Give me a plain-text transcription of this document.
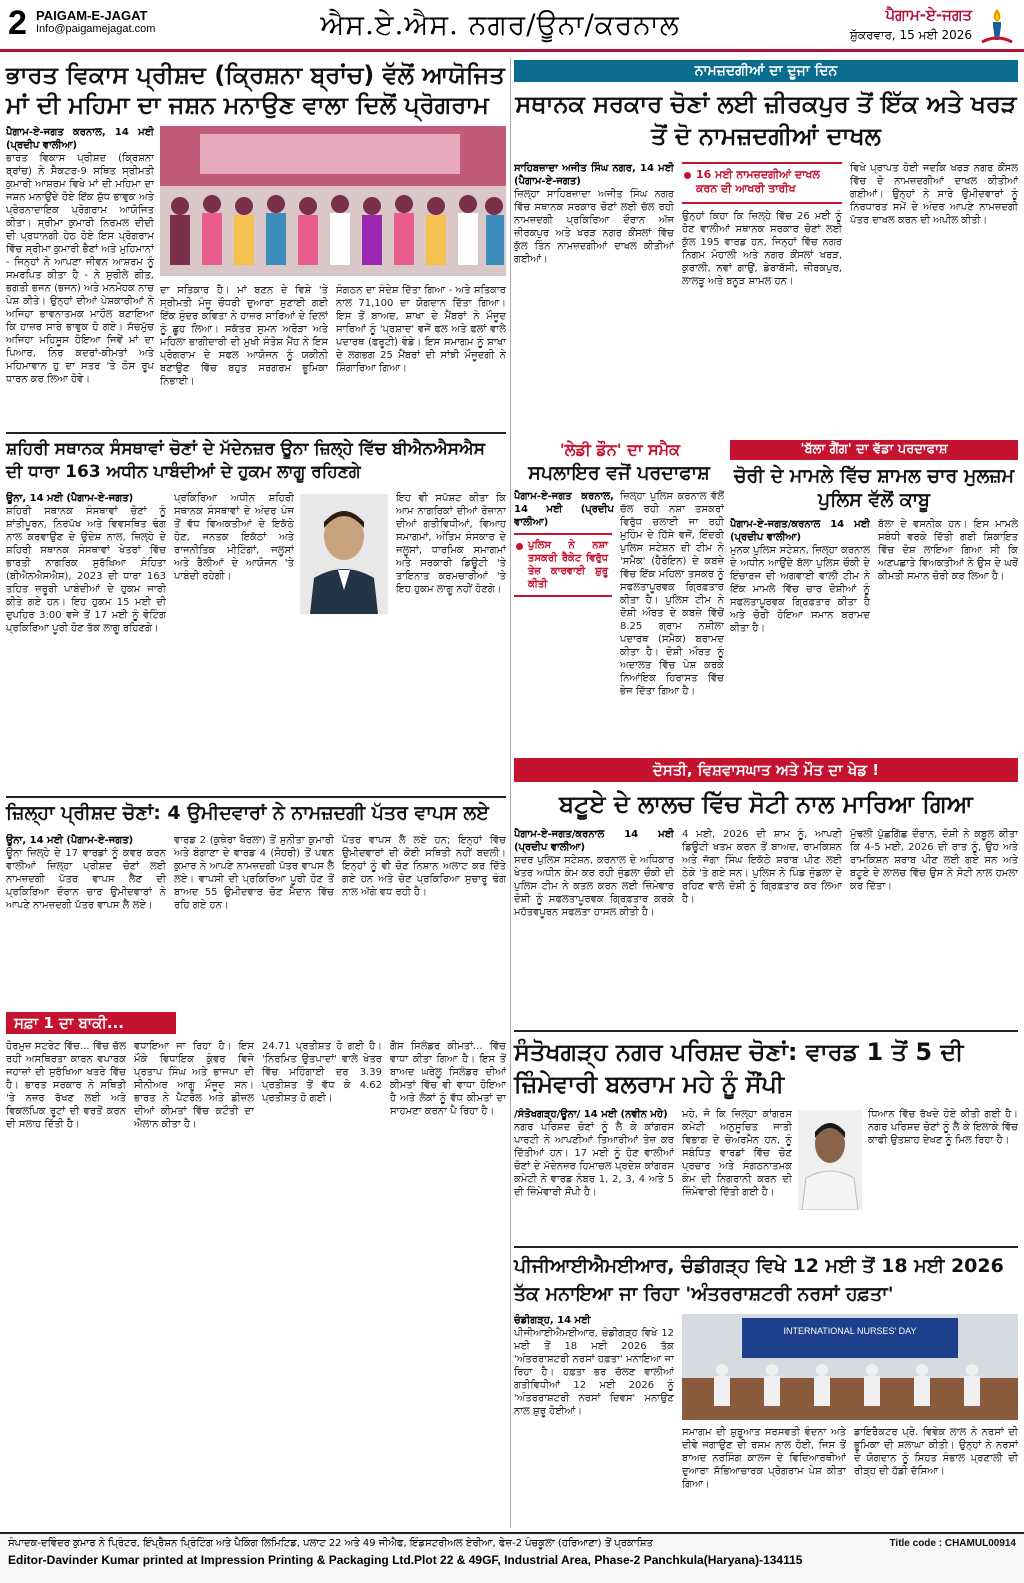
2 PAIGAM-E-JAGAT
Info@paigamejagat.com	ਐਸ.ਏ.ਐਸ. ਨਗਰ/ਊਨਾ/ਕਰਨਾਲ	ਪੈਗਾਮ-ਏ-ਜਗਤ
ਸ਼ੁੱਕਰਵਾਰ, 15 ਮਈ 2026
ਭਾਰਤ ਵਿਕਾਸ ਪ੍ਰੀਸ਼ਦ (ਕ੍ਰਿਸ਼ਨਾ ਬ੍ਰਾਂਚ) ਵੱਲੋਂ ਆਯੋਜਿਤ ਮਾਂ ਦੀ ਮਹਿਮਾ ਦਾ ਜਸ਼ਨ ਮਨਾਉਣ ਵਾਲਾ ਦਿਲੋਂ ਪ੍ਰੋਗਰਾਮ
ਪੈਗਾਮ-ਏ-ਜਗਤ ਕਰਨਾਲ, 14 ਮਈ (ਪ੍ਰਦੀਪ ਵਾਲੀਆ)
ਭਾਰਤ ਵਿਕਾਸ ਪ੍ਰੀਸ਼ਦ (ਕ੍ਰਿਸ਼ਨਾ ਬ੍ਰਾਂਚ) ਨੇ ਸੈਕਟਰ-9 ਸਥਿਤ ਸ੍ਰੀਮਤੀ ਕੁਮਾਰੀ ਆਸ਼ਰਮ ਵਿਖੇ ਮਾਂ ਦੀ ਮਹਿਮਾ ਦਾ ਜਸ਼ਨ ਮਨਾਉਂਦੇ ਹੋਏ ਇੱਕ ਸ਼ੁੱਧ ਭਾਵੁਕ ਅਤੇ ਪ੍ਰੇਰਨਾਦਾਇਕ ਪ੍ਰੋਗਰਾਮ ਆਯੋਜਿਤ ਕੀਤਾ। ਸ੍ਰੀਮਾ ਕੁਮਾਰੀ ਨਿਰਮਲ ਦੀਦੀ ਦੀ ਪ੍ਰਧਾਨਗੀ ਹੇਠ ਹੋਏ ਇਸ ਪ੍ਰੋਗਰਾਮ ਵਿੱਚ ਸ੍ਰੀਮਾ ਕੁਮਾਰੀ ਭੈਣਾਂ ਅਤੇ ਮੁਹਿਮਾਨਾਂ - ਜਿਨ੍ਹਾਂ ਨੇ ਆਪਣਾ ਜੀਵਨ ਆਸ਼ਰਮ ਨੂੰ ਸਮਰਪਿਤ ਕੀਤਾ ਹੈ - ਨੇ ਸੁਰੀਲੇ ਗੀਤ, ਭਗਤੀ ਭਜਨ (ਭਜਨ) ਅਤੇ ਮਨਮੋਹਕ ਨਾਚ ਪੇਸ਼ ਕੀਤੇ। ਉਨ੍ਹਾਂ ਦੀਆਂ ਪੇਸ਼ਕਾਰੀਆਂ ਨੇ ਅਜਿਹਾ ਭਾਵਨਾਤਮਕ ਮਾਹੌਲ ਬਣਾਇਆ ਕਿ ਹਾਜ਼ਰ ਸਾਰੇ ਭਾਵੁਕ ਹੋ ਗਏ। ਸੱਚਮੁੱਚ ਅਜਿਹਾ ਮਹਿਸੂਸ ਹੋਇਆ ਜਿਵੇਂ ਮਾਂ ਦਾ ਪਿਆਰ, ਨਿਰ ਕਦਰਾਂ-ਕੀਮਤਾਂ ਅਤੇ ਮਹਿਮਾਵਾਨ ਹੁ ਦਾ ਸਤਰ 'ਤੇ ਠੋਸ ਰੂਪ ਧਾਰਨ ਕਰ ਲਿਆ ਹੋਵੇ।
ਦਾ ਸਤਿਕਾਰ ਹੈ। ਮਾਂ ਬਣਨ ਦੇ ਵਿਸ਼ੇ 'ਤੇ ਸ੍ਰੀਮਤੀ ਮੰਜੂ ਚੌਧਰੀ ਦੁਆਰਾ ਸੁਣਾਈ ਗਈ ਇੱਕ ਸੁੰਦਰ ਕਵਿਤਾ ਨੇ ਹਾਜ਼ਰ ਸਾਰਿਆਂ ਦੇ ਦਿਲਾਂ ਨੂੰ ਛੂਹ ਲਿਆ। ਸਕੱਤਰ ਸੁਮਨ ਅਰੋੜਾ ਅਤੇ ਮਹਿਲਾ ਭਾਗੀਦਾਰੀ ਦੀ ਮੁਖੀ ਸੰਤੋਸ਼ ਮੈਂਹ ਨੇ ਇਸ ਪ੍ਰੋਗਰਾਮ ਦੇ ਸਫਲ ਆਯੋਜਨ ਨੂੰ ਯਕੀਨੀ ਬਣਾਉਣ ਵਿੱਚ ਬਹੁਤ ਸਰਗਰਮ ਭੂਮਿਕਾ ਨਿਭਾਈ।
ਸੰਗਠਨ ਦਾ ਸੰਦੇਸ਼ ਦਿੱਤਾ ਗਿਆ - ਅਤੇ ਸਤਿਕਾਰ ਨਾਲ 71,100 ਦਾ ਯੋਗਦਾਨ ਦਿੱਤਾ ਗਿਆ। ਇਸ ਤੋਂ ਬਾਅਦ, ਸ਼ਾਖਾ ਦੇ ਮੈਂਬਰਾਂ ਨੇ ਮੌਜੂਦ ਸਾਰਿਆਂ ਨੂੰ 'ਪ੍ਰਸ਼ਾਦ' ਵਜੋਂ ਫਲ ਅਤੇ ਫਲਾਂ ਵਾਲੇ ਪਦਾਰਥ (ਫਰੂਟੀ) ਵੰਡੇ। ਇਸ ਸਮਾਗਮ ਨੂੰ ਸ਼ਾਖਾ ਦੇ ਲਗਭਗ 25 ਮੈਂਬਰਾਂ ਦੀ ਸਾਂਝੀ ਮੌਜੂਦਗੀ ਨੇ ਸ਼ਿੰਗਾਰਿਆ ਗਿਆ।
ਨਾਮਜ਼ਦਗੀਆਂ ਦਾ ਦੂਜਾ ਦਿਨ
ਸਥਾਨਕ ਸਰਕਾਰ ਚੋਣਾਂ ਲਈ ਜ਼ੀਰਕਪੁਰ ਤੋਂ ਇੱਕ ਅਤੇ ਖਰੜ ਤੋਂ ਦੋ ਨਾਮਜ਼ਦਗੀਆਂ ਦਾਖਲ
ਸਾਹਿਬਜ਼ਾਦਾ ਅਜੀਤ ਸਿੰਘ ਨਗਰ, 14 ਮਈ (ਪੈਗਾਮ-ਏ-ਜਗਤ)
ਜ਼ਿਲ੍ਹਾ ਸਾਹਿਬਜ਼ਾਦਾ ਅਜੀਤ ਸਿੰਘ ਨਗਰ ਵਿੱਚ ਸਥਾਨਕ ਸਰਕਾਰ ਚੋਣਾਂ ਲਈ ਚੱਲ ਰਹੀ ਨਾਮਜ਼ਦਗੀ ਪ੍ਰਕਿਰਿਆ ਦੌਰਾਨ ਅੱਜ ਜ਼ੀਰਕਪੁਰ ਅਤੇ ਖਰੜ ਨਗਰ ਕੌਂਸਲਾਂ ਵਿੱਚ ਕੁੱਲ ਤਿੰਨ ਨਾਮਜ਼ਦਗੀਆਂ ਦਾਖਲ ਕੀਤੀਆਂ ਗਈਆਂ।
16 ਮਈ ਨਾਮਜ਼ਦਗੀਆਂ ਦਾਖਲ ਕਰਨ ਦੀ ਆਖਰੀ ਤਾਰੀਖ
ਉਨ੍ਹਾਂ ਕਿਹਾ ਕਿ ਜ਼ਿਲ੍ਹੇ ਵਿੱਚ 26 ਮਈ ਨੂੰ ਹੋਣ ਵਾਲੀਆਂ ਸਥਾਨਕ ਸਰਕਾਰ ਚੋਣਾਂ ਲਈ ਕੁੱਲ 195 ਵਾਰਡ ਹਨ, ਜਿਨ੍ਹਾਂ ਵਿੱਚ ਨਗਰ ਨਿਗਮ ਮੋਹਾਲੀ ਅਤੇ ਨਗਰ ਕੌਂਸਲਾਂ ਖਰੜ, ਕੁਰਾਲੀ, ਨਵਾਂ ਗਾਉਂ, ਡੇਰਾਬੱਸੀ, ਜ਼ੀਰਕਪੁਰ, ਲਾਲੜੂ ਅਤੇ ਬਨੂੜ ਸ਼ਾਮਲ ਹਨ।
ਵਿਖੇ ਪ੍ਰਾਪਤ ਹੋਈ ਜਦਕਿ ਖਰੜ ਨਗਰ ਕੌਂਸਲ ਵਿੱਚ ਦੋ ਨਾਮਜ਼ਦਗੀਆਂ ਦਾਖਲ ਕੀਤੀਆਂ ਗਈਆਂ। ਉਨ੍ਹਾਂ ਨੇ ਸਾਰੇ ਉਮੀਦਵਾਰਾਂ ਨੂੰ ਨਿਰਧਾਰਤ ਸਮੇਂ ਦੇ ਅੰਦਰ ਆਪਣੇ ਨਾਮਜ਼ਦਗੀ ਪੱਤਰ ਦਾਖਲ ਕਰਨ ਦੀ ਅਪੀਲ ਕੀਤੀ।
ਸ਼ਹਿਰੀ ਸਥਾਨਕ ਸੰਸਥਾਵਾਂ ਚੋਣਾਂ ਦੇ ਮੱਦੇਨਜ਼ਰ ਊਨਾ ਜ਼ਿਲ੍ਹੇ ਵਿੱਚ ਬੀਐਨਐਸਐਸ ਦੀ ਧਾਰਾ 163 ਅਧੀਨ ਪਾਬੰਦੀਆਂ ਦੇ ਹੁਕਮ ਲਾਗੂ ਰਹਿਣਗੇ
ਊਨਾ, 14 ਮਈ (ਪੈਗਾਮ-ਏ-ਜਗਤ)
ਸ਼ਹਿਰੀ ਸਥਾਨਕ ਸੰਸਥਾਵਾਂ ਚੋਣਾਂ ਨੂੰ ਸ਼ਾਂਤੀਪੂਰਨ, ਨਿਰਪੱਖ ਅਤੇ ਵਿਵਸਥਿਤ ਢੰਗ ਨਾਲ ਕਰਵਾਉਣ ਦੇ ਉਦੇਸ਼ ਨਾਲ, ਜ਼ਿਲ੍ਹੇ ਦੇ ਸ਼ਹਿਰੀ ਸਥਾਨਕ ਸੰਸਥਾਵਾਂ ਖੇਤਰਾਂ ਵਿੱਚ ਭਾਰਤੀ ਨਾਗਰਿਕ ਸੁਰੱਖਿਆ ਸੰਹਿਤਾ (ਬੀਐਨਐਸਐਸ), 2023 ਦੀ ਧਾਰਾ 163 ਤਹਿਤ ਜ਼ਰੂਰੀ ਪਾਬੰਦੀਆਂ ਦੇ ਹੁਕਮ ਜਾਰੀ ਕੀਤੇ ਗਏ ਹਨ। ਇਹ ਹੁਕਮ 15 ਮਈ ਦੀ ਦੁਪਹਿਰ 3:00 ਵਜੇ ਤੋਂ 17 ਮਈ ਨੂੰ ਵੋਟਿੰਗ ਪ੍ਰਕਿਰਿਆ ਪੂਰੀ ਹੋਣ ਤੱਕ ਲਾਗੂ ਰਹਿਣਗੇ।
ਪ੍ਰਕਿਰਿਆ ਅਧੀਨ ਸ਼ਹਿਰੀ ਸਥਾਨਕ ਸੰਸਥਾਵਾਂ ਦੇ ਅੰਦਰ ਪੰਜ ਤੋਂ ਵੱਧ ਵਿਅਕਤੀਆਂ ਦੇ ਇਕੱਠੇ ਹੋਣ, ਜਨਤਕ ਇਕੱਠਾਂ ਅਤੇ ਰਾਜਨੀਤਿਕ ਮੀਟਿੰਗਾਂ, ਜਲੂਸਾਂ ਅਤੇ ਰੈਲੀਆਂ ਦੇ ਆਯੋਜਨ 'ਤੇ ਪਾਬੰਦੀ ਰਹੇਗੀ।
ਇਹ ਵੀ ਸਪੱਸ਼ਟ ਕੀਤਾ ਕਿ ਆਮ ਨਾਗਰਿਕਾਂ ਦੀਆਂ ਰੋਜ਼ਾਨਾ ਦੀਆਂ ਗਤੀਵਿਧੀਆਂ, ਵਿਆਹ ਸਮਾਗਮਾਂ, ਅੰਤਿਮ ਸੰਸਕਾਰ ਦੇ ਜਲੂਸਾਂ, ਧਾਰਮਿਕ ਸਮਾਗਮਾਂ ਅਤੇ ਸਰਕਾਰੀ ਡਿਊਟੀ 'ਤੇ ਤਾਇਨਾਤ ਕਰਮਚਾਰੀਆਂ 'ਤੇ ਇਹ ਹੁਕਮ ਲਾਗੂ ਨਹੀਂ ਹੋਣਗੇ।
'ਲੇਡੀ ਡੌਨ' ਦਾ ਸਮੈਕ
ਸਪਲਾਇਰ ਵਜੋਂ ਪਰਦਾਫਾਸ਼
ਪੈਗਾਮ-ਏ-ਜਗਤ ਕਰਨਾਲ, 14 ਮਈ (ਪ੍ਰਦੀਪ ਵਾਲੀਆ)
ਪੁਲਿਸ ਨੇ ਨਸ਼ਾ ਤਸਕਰੀ ਰੈਕੇਟ ਵਿਰੁੱਧ ਤੇਜ਼ ਕਾਰਵਾਈ ਸ਼ੁਰੂ ਕੀਤੀ
ਜ਼ਿਲ੍ਹਾ ਪੁਲਿਸ ਕਰਨਾਲ ਵੱਲੋਂ ਚੱਲ ਰਹੀ ਨਸ਼ਾ ਤਸਕਰਾਂ ਵਿਰੁੱਧ ਚਲਾਈ ਜਾ ਰਹੀ ਮੁਹਿੰਮ ਦੇ ਹਿੱਸੇ ਵਜੋਂ, ਇੰਦਰੀ ਪੁਲਿਸ ਸਟੇਸ਼ਨ ਦੀ ਟੀਮ ਨੇ 'ਸਮੈਕ' (ਹੈਰੋਇਨ) ਦੇ ਕਬਜ਼ੇ ਵਿੱਚ ਇੱਕ ਮਹਿਲਾ ਤਸਕਰ ਨੂੰ ਸਫਲਤਾਪੂਰਵਕ ਗ੍ਰਿਫ਼ਤਾਰ ਕੀਤਾ ਹੈ। ਪੁਲਿਸ ਟੀਮ ਨੇ ਦੋਸ਼ੀ ਔਰਤ ਦੇ ਕਬਜ਼ੇ ਵਿੱਚੋਂ 8.25 ਗ੍ਰਾਮ ਨਸ਼ੀਲਾ ਪਦਾਰਥ (ਸਮੈਕ) ਬਰਾਮਦ ਕੀਤਾ ਹੈ। ਦੋਸ਼ੀ ਔਰਤ ਨੂੰ ਅਦਾਲਤ ਵਿੱਚ ਪੇਸ਼ ਕਰਕੇ ਨਿਆਂਇਕ ਹਿਰਾਸਤ ਵਿੱਚ ਭੇਜ ਦਿੱਤਾ ਗਿਆ ਹੈ।
'ਬੱਲਾ ਗੈਂਗ' ਦਾ ਵੱਡਾ ਪਰਦਾਫਾਸ਼
ਚੋਰੀ ਦੇ ਮਾਮਲੇ ਵਿੱਚ ਸ਼ਾਮਲ ਚਾਰ ਮੁਲਜ਼ਮ ਪੁਲਿਸ ਵੱਲੋਂ ਕਾਬੂ
ਪੈਗਾਮ-ਏ-ਜਗਤ/ਕਰਨਾਲ 14 ਮਈ (ਪ੍ਰਦੀਪ ਵਾਲੀਆ)
ਮੁਨਕ ਪੁਲਿਸ ਸਟੇਸ਼ਨ, ਜ਼ਿਲ੍ਹਾ ਕਰਨਾਲ ਦੇ ਅਧੀਨ ਆਉਂਦੇ ਬੱਲਾ ਪੁਲਿਸ ਚੌਕੀ ਦੇ ਇੰਚਾਰਜ ਦੀ ਅਗਵਾਈ ਵਾਲੀ ਟੀਮ ਨੇ ਇੱਕ ਮਾਮਲੇ ਵਿੱਚ ਚਾਰ ਦੋਸ਼ੀਆਂ ਨੂੰ ਸਫਲਤਾਪੂਰਵਕ ਗ੍ਰਿਫ਼ਤਾਰ ਕੀਤਾ ਹੈ ਅਤੇ ਚੋਰੀ ਹੋਇਆ ਸਮਾਨ ਬਰਾਮਦ ਕੀਤਾ ਹੈ।
ਬੱਲਾ ਦੇ ਵਸਨੀਕ ਹਨ। ਇਸ ਮਾਮਲੇ ਸਬੰਧੀ ਵਰਕੇ ਦਿੱਤੀ ਗਈ ਸ਼ਿਕਾਇਤ ਵਿੱਚ ਦੋਸ਼ ਲਾਇਆ ਗਿਆ ਸੀ ਕਿ ਅਣਪਛਾਤੇ ਵਿਅਕਤੀਆਂ ਨੇ ਉਸ ਦੇ ਘਰੋਂ ਕੀਮਤੀ ਸਮਾਨ ਚੋਰੀ ਕਰ ਲਿਆ ਹੈ।
ਦੋਸਤੀ, ਵਿਸ਼ਵਾਸਘਾਤ ਅਤੇ ਮੌਤ ਦਾ ਖੇਡ !
ਜ਼ਿਲ੍ਹਾ ਪ੍ਰੀਸ਼ਦ ਚੋਣਾਂ: 4 ਉਮੀਦਵਾਰਾਂ ਨੇ ਨਾਮਜ਼ਦਗੀ ਪੱਤਰ ਵਾਪਸ ਲਏ
ਊਨਾ, 14 ਮਈ (ਪੈਗਾਮ-ਏ-ਜਗਤ)
ਊਨਾ ਜ਼ਿਲ੍ਹੇ ਦੇ 17 ਵਾਰਡਾਂ ਨੂੰ ਕਵਰ ਕਰਨ ਵਾਲੀਆਂ ਜ਼ਿਲ੍ਹਾ ਪ੍ਰੀਸ਼ਦ ਚੋਣਾਂ ਲਈ ਨਾਮਜ਼ਦਗੀ ਪੱਤਰ ਵਾਪਸ ਲੈਣ ਦੀ ਪ੍ਰਕਿਰਿਆ ਦੌਰਾਨ ਚਾਰ ਉਮੀਦਵਾਰਾਂ ਨੇ ਆਪਣੇ ਨਾਮਜ਼ਦਗੀ ਪੱਤਰ ਵਾਪਸ ਲੈ ਲਏ।
ਵਾਰਡ 2 (ਕੁਥੇਰਾ ਖੈਰਲਾ) ਤੋਂ ਸੁਨੀਤਾ ਕੁਮਾਰੀ ਅਤੇ ਬੰਗਾਣਾ ਦੇ ਵਾਰਡ 4 (ਸੋਹਰੀ) ਤੋਂ ਪਵਨ ਕੁਮਾਰ ਨੇ ਆਪਣੇ ਨਾਮਜ਼ਦਗੀ ਪੱਤਰ ਵਾਪਸ ਲੈ ਲਏ। ਵਾਪਸੀ ਦੀ ਪ੍ਰਕਿਰਿਆ ਪੂਰੀ ਹੋਣ ਤੋਂ ਬਾਅਦ 55 ਉਮੀਦਵਾਰ ਚੋਣ ਮੈਦਾਨ ਵਿੱਚ ਰਹਿ ਗਏ ਹਨ।
ਪੱਤਰ ਵਾਪਸ ਲੈ ਲਏ ਹਨ; ਇਨ੍ਹਾਂ ਵਿੱਚ ਉਮੀਦਵਾਰਾਂ ਦੀ ਕੋਈ ਸਥਿਤੀ ਨਹੀਂ ਬਦਲੀ। ਇਨ੍ਹਾਂ ਨੂੰ ਵੀ ਚੋਣ ਨਿਸ਼ਾਨ ਅਲਾਟ ਕਰ ਦਿੱਤੇ ਗਏ ਹਨ ਅਤੇ ਚੋਣ ਪ੍ਰਕਿਰਿਆ ਸੁਚਾਰੂ ਢੰਗ ਨਾਲ ਅੱਗੇ ਵਧ ਰਹੀ ਹੈ।
ਸਫ਼ਾ 1 ਦਾ ਬਾਕੀ...
ਹੋਰਮੁਜ਼ ਸਟਰੇਟ ਵਿੱਚ... ਵਿੱਚ ਚੱਲ ਰਹੀ ਅਸਥਿਰਤਾ ਕਾਰਨ ਵਪਾਰਕ ਜਹਾਜ਼ਾਂ ਦੀ ਸੁਰੱਖਿਆ ਖਤਰੇ ਵਿੱਚ ਹੈ। ਭਾਰਤ ਸਰਕਾਰ ਨੇ ਸਥਿਤੀ 'ਤੇ ਨਜ਼ਰ ਰੱਖਣ ਲਈ ਅਤੇ ਵਿਕਲਪਿਕ ਰੂਟਾਂ ਦੀ ਵਰਤੋਂ ਕਰਨ ਦੀ ਸਲਾਹ ਦਿੱਤੀ ਹੈ।
ਵਧਾਇਆ ਜਾ ਰਿਹਾ ਹੈ। ਇਸ ਮੌਕੇ ਵਿਧਾਇਕ ਕੁੰਵਰ ਵਿਜੇ ਪ੍ਰਤਾਪ ਸਿੰਘ ਅਤੇ ਭਾਜਪਾ ਦੀ ਸੀਨੀਅਰ ਆਗੂ ਮੌਜੂਦ ਸਨ। ਭਾਰਤ ਨੇ ਪੈਟਰੋਲ ਅਤੇ ਡੀਜ਼ਲ ਦੀਆਂ ਕੀਮਤਾਂ ਵਿੱਚ ਕਟੌਤੀ ਦਾ ਐਲਾਨ ਕੀਤਾ ਹੈ।
24.71 ਪ੍ਰਤੀਸ਼ਤ ਹੋ ਗਈ ਹੈ। 'ਨਿਰਮਿਤ ਉਤਪਾਦਾਂ' ਵਾਲੇ ਖੇਤਰ ਵਿੱਚ ਮਹਿੰਗਾਈ ਦਰ 3.39 ਪ੍ਰਤੀਸ਼ਤ ਤੋਂ ਵੱਧ ਕੇ 4.62 ਪ੍ਰਤੀਸ਼ਤ ਹੋ ਗਈ।
ਗੈਸ ਸਿਲੰਡਰ ਕੀਮਤਾਂ... ਵਿੱਚ ਵਾਧਾ ਕੀਤਾ ਗਿਆ ਹੈ। ਇਸ ਤੋਂ ਬਾਅਦ ਘਰੇਲੂ ਸਿਲੰਡਰ ਦੀਆਂ ਕੀਮਤਾਂ ਵਿੱਚ ਵੀ ਵਾਧਾ ਹੋਇਆ ਹੈ ਅਤੇ ਲੋਕਾਂ ਨੂੰ ਵੱਧ ਕੀਮਤਾਂ ਦਾ ਸਾਹਮਣਾ ਕਰਨਾ ਪੈ ਰਿਹਾ ਹੈ।
ਬਟੂਏ ਦੇ ਲਾਲਚ ਵਿੱਚ ਸੋਟੀ ਨਾਲ ਮਾਰਿਆ ਗਿਆ
ਪੈਗਾਮ-ਏ-ਜਗਤ/ਕਰਨਾਲ 14 ਮਈ (ਪ੍ਰਦੀਪ ਵਾਲੀਆ)
ਸਦਰ ਪੁਲਿਸ ਸਟੇਸ਼ਨ, ਕਰਨਾਲ ਦੇ ਅਧਿਕਾਰ ਖੇਤਰ ਅਧੀਨ ਕੰਮ ਕਰ ਰਹੀ ਜੁੰਡਲਾ ਚੌਕੀ ਦੀ ਪੁਲਿਸ ਟੀਮ ਨੇ ਕਤਲ ਕਰਨ ਲਈ ਜ਼ਿੰਮੇਵਾਰ ਦੋਸ਼ੀ ਨੂੰ ਸਫਲਤਾਪੂਰਵਕ ਗ੍ਰਿਫ਼ਤਾਰ ਕਰਕੇ ਮਹੱਤਵਪੂਰਨ ਸਫਲਤਾ ਹਾਸਲ ਕੀਤੀ ਹੈ।
4 ਮਈ, 2026 ਦੀ ਸ਼ਾਮ ਨੂੰ, ਆਪਣੀ ਡਿਊਟੀ ਖਤਮ ਕਰਨ ਤੋਂ ਬਾਅਦ, ਰਾਮਕਿਸ਼ਨ ਅਤੇ ਜੱਗਾ ਸਿੰਘ ਇਕੱਠੇ ਸ਼ਰਾਬ ਪੀਣ ਲਈ ਠੇਕੇ 'ਤੇ ਗਏ ਸਨ। ਪੁਲਿਸ ਨੇ ਪਿੰਡ ਜੁੰਡਲਾ ਦੇ ਰਹਿਣ ਵਾਲੇ ਦੋਸ਼ੀ ਨੂੰ ਗ੍ਰਿਫ਼ਤਾਰ ਕਰ ਲਿਆ ਹੈ।
ਮੁੱਢਲੀ ਪੁੱਛਗਿੱਛ ਦੌਰਾਨ, ਦੋਸ਼ੀ ਨੇ ਕਬੂਲ ਕੀਤਾ ਕਿ 4-5 ਮਈ, 2026 ਦੀ ਰਾਤ ਨੂੰ, ਉਹ ਅਤੇ ਰਾਮਕਿਸ਼ਨ ਸ਼ਰਾਬ ਪੀਣ ਲਈ ਗਏ ਸਨ ਅਤੇ ਬਟੂਏ ਦੇ ਲਾਲਚ ਵਿੱਚ ਉਸ ਨੇ ਸੋਟੀ ਨਾਲ ਹਮਲਾ ਕਰ ਦਿੱਤਾ।
ਸੰਤੋਖਗੜ੍ਹ ਨਗਰ ਪਰਿਸ਼ਦ ਚੋਣਾਂ: ਵਾਰਡ 1 ਤੋਂ 5 ਦੀ ਜ਼ਿੰਮੇਵਾਰੀ ਬਲਰਾਮ ਮਹੇ ਨੂੰ ਸੌਂਪੀ
/ਸੰਤੋਖਗੜ੍ਹ/ਊਨਾ/ 14 ਮਈ (ਨਵੀਨ ਮਹੇ)
ਨਗਰ ਪਰਿਸ਼ਦ ਚੋਣਾਂ ਨੂੰ ਲੈ ਕੇ ਕਾਂਗਰਸ ਪਾਰਟੀ ਨੇ ਆਪਣੀਆਂ ਤਿਆਰੀਆਂ ਤੇਜ਼ ਕਰ ਦਿੱਤੀਆਂ ਹਨ। 17 ਮਈ ਨੂੰ ਹੋਣ ਵਾਲੀਆਂ ਚੋਣਾਂ ਦੇ ਮੱਦੇਨਜ਼ਰ ਹਿਮਾਚਲ ਪ੍ਰਦੇਸ਼ ਕਾਂਗਰਸ ਕਮੇਟੀ ਨੇ ਵਾਰਡ ਨੰਬਰ 1, 2, 3, 4 ਅਤੇ 5 ਦੀ ਜ਼ਿੰਮੇਵਾਰੀ ਸੌਂਪੀ ਹੈ।
ਮਹੇ, ਜੋ ਕਿ ਜ਼ਿਲ੍ਹਾ ਕਾਂਗਰਸ ਕਮੇਟੀ ਅਨੁਸੂਚਿਤ ਜਾਤੀ ਵਿਭਾਗ ਦੇ ਚੇਅਰਮੈਨ ਹਨ, ਨੂੰ ਸਬੰਧਿਤ ਵਾਰਡਾਂ ਵਿੱਚ ਚੋਣ ਪ੍ਰਚਾਰ ਅਤੇ ਸੰਗਠਨਾਤਮਕ ਕੰਮ ਦੀ ਨਿਗਰਾਨੀ ਕਰਨ ਦੀ ਜ਼ਿੰਮੇਵਾਰੀ ਦਿੱਤੀ ਗਈ ਹੈ।
ਧਿਆਨ ਵਿੱਚ ਰੱਖਦੇ ਹੋਏ ਕੀਤੀ ਗਈ ਹੈ। ਨਗਰ ਪਰਿਸ਼ਦ ਚੋਣਾਂ ਨੂੰ ਲੈ ਕੇ ਇਲਾਕੇ ਵਿੱਚ ਕਾਫੀ ਉਤਸ਼ਾਹ ਦੇਖਣ ਨੂੰ ਮਿਲ ਰਿਹਾ ਹੈ।
ਪੀਜੀਆਈਐਮਈਆਰ, ਚੰਡੀਗੜ੍ਹ ਵਿਖੇ 12 ਮਈ ਤੋਂ 18 ਮਈ 2026 ਤੱਕ ਮਨਾਇਆ ਜਾ ਰਿਹਾ 'ਅੰਤਰਰਾਸ਼ਟਰੀ ਨਰਸਾਂ ਹਫ਼ਤਾ'
ਚੰਡੀਗੜ੍ਹ, 14 ਮਈ
ਪੀਜੀਆਈਐਮਈਆਰ, ਚੰਡੀਗੜ੍ਹ ਵਿਖੇ 12 ਮਈ ਤੋਂ 18 ਮਈ 2026 ਤੱਕ 'ਅੰਤਰਰਾਸ਼ਟਰੀ ਨਰਸਾਂ ਹਫ਼ਤਾ' ਮਨਾਇਆ ਜਾ ਰਿਹਾ ਹੈ। ਹਫ਼ਤਾ ਭਰ ਚੱਲਣ ਵਾਲੀਆਂ ਗਤੀਵਿਧੀਆਂ 12 ਮਈ 2026 ਨੂੰ 'ਅੰਤਰਰਾਸ਼ਟਰੀ ਨਰਸਾਂ ਦਿਵਸ' ਮਨਾਉਣ ਨਾਲ ਸ਼ੁਰੂ ਹੋਈਆਂ।
INTERNATIONAL NURSES' DAY
ਸਮਾਗਮ ਦੀ ਸ਼ੁਰੂਆਤ ਸਰਸਵਤੀ ਵੰਦਨਾ ਅਤੇ ਦੀਵੇ ਜਗਾਉਣ ਦੀ ਰਸਮ ਨਾਲ ਹੋਈ, ਜਿਸ ਤੋਂ ਬਾਅਦ ਨਰਸਿੰਗ ਕਾਲਜ ਦੇ ਵਿਦਿਆਰਥੀਆਂ ਦੁਆਰਾ ਸੱਭਿਆਚਾਰਕ ਪ੍ਰੋਗਰਾਮ ਪੇਸ਼ ਕੀਤਾ ਗਿਆ।
ਡਾਇਰੈਕਟਰ ਪ੍ਰੋ. ਵਿਵੇਕ ਲਾਲ ਨੇ ਨਰਸਾਂ ਦੀ ਭੂਮਿਕਾ ਦੀ ਸ਼ਲਾਘਾ ਕੀਤੀ। ਉਨ੍ਹਾਂ ਨੇ ਨਰਸਾਂ ਦੇ ਯੋਗਦਾਨ ਨੂੰ ਸਿਹਤ ਸੰਭਾਲ ਪ੍ਰਣਾਲੀ ਦੀ ਰੀੜ੍ਹ ਦੀ ਹੱਡੀ ਦੱਸਿਆ।
ਸੰਪਾਦਕ-ਦਵਿੰਦਰ ਕੁਮਾਰ ਨੇ ਪ੍ਰਿੰਟਰ, ਇੰਪ੍ਰੈਸ਼ਨ ਪ੍ਰਿੰਟਿੰਗ ਅਤੇ ਪੈਕਿੰਗ ਲਿਮਿਟਿਡ, ਪਲਾਟ 22 ਅਤੇ 49 ਜੀਐਫ, ਇੰਡਸਟਰੀਅਲ ਏਰੀਆ, ਫੇਜ਼-2 ਪੰਚਕੂਲਾ (ਹਰਿਆਣਾ) ਤੋਂ ਪ੍ਰਕਾਸ਼ਿਤ	Title code : CHAMUL00914
Editor-Davinder Kumar printed at Impression Printing & Packaging Ltd.Plot 22 & 49GF, Industrial Area, Phase-2 Panchkula(Haryana)-134115
